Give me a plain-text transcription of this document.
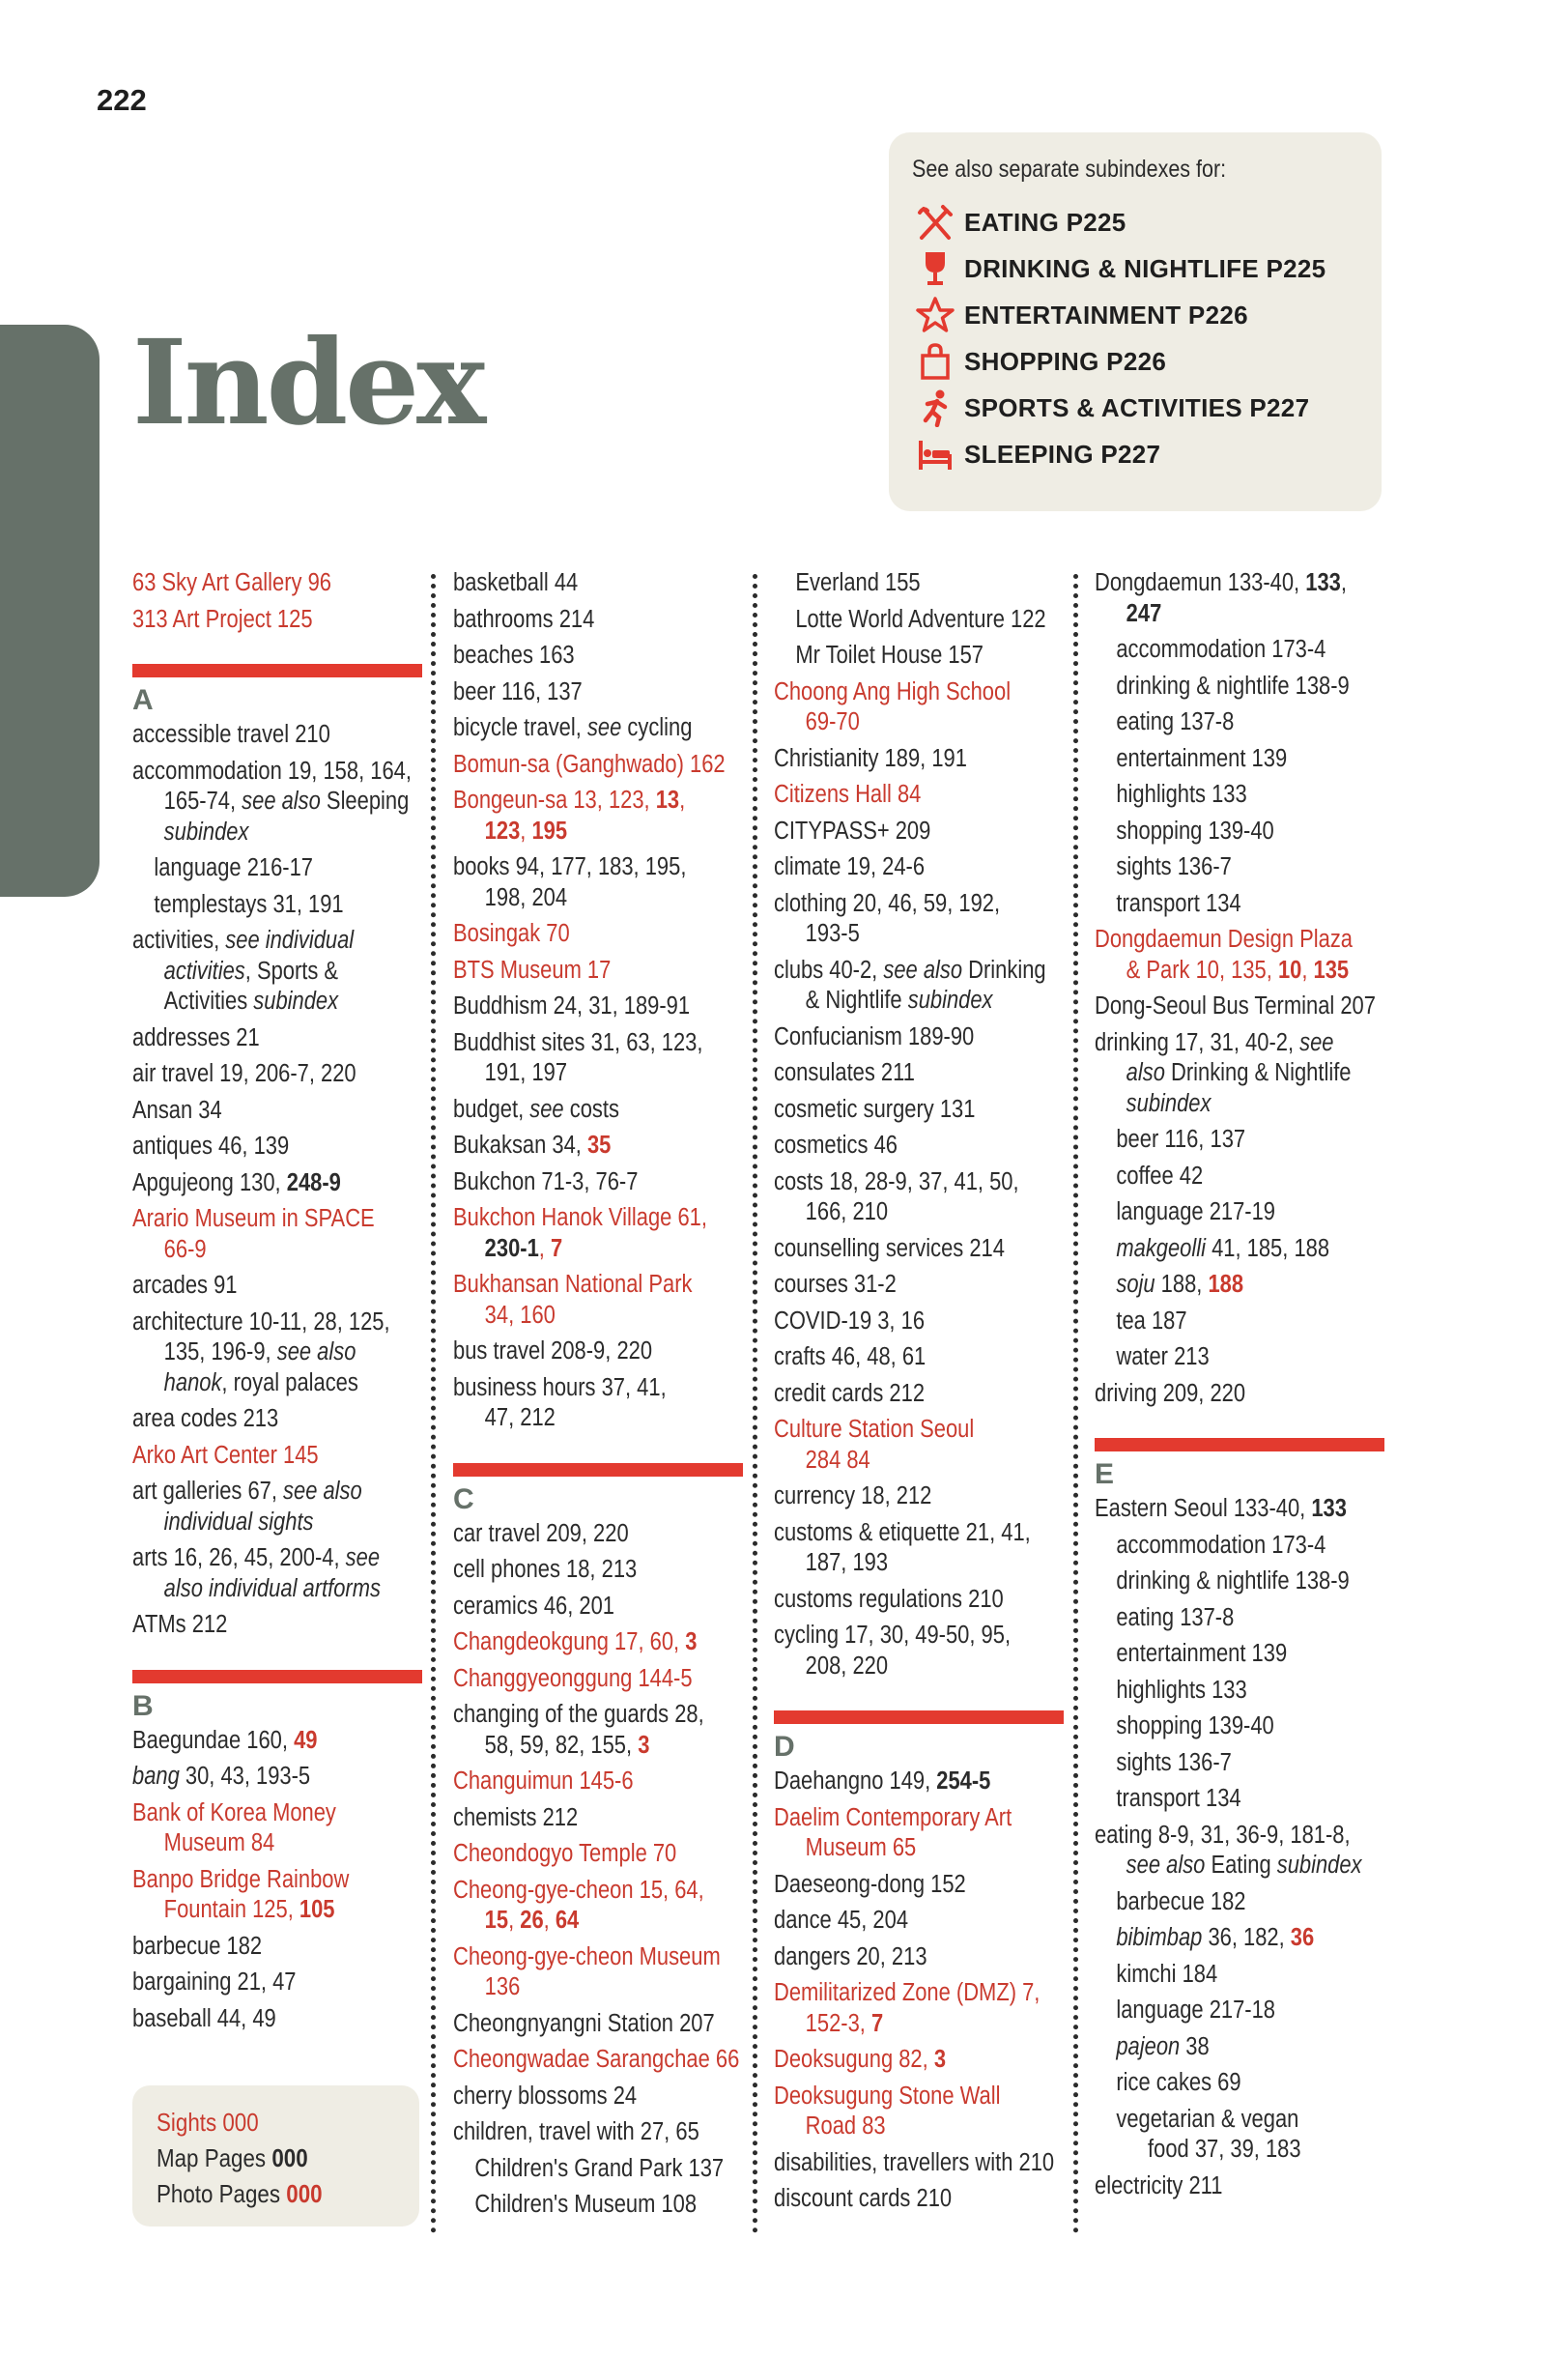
222
Index
See also separate subindexes for:
EATING P225
DRINKING & NIGHTLIFE P225
ENTERTAINMENT P226
SHOPPING P226
SPORTS & ACTIVITIES P227
SLEEPING P227
63 Sky Art Gallery 96
313 Art Project 125
A
accessible travel 210
accommodation 19, 158, 164,
165-74, see also Sleeping
subindex
language 216-17
templestays 31, 191
activities, see individual
activities, Sports &
Activities subindex
addresses 21
air travel 19, 206-7, 220
Ansan 34
antiques 46, 139
Apgujeong 130, 248-9
Arario Museum in SPACE
66-9
arcades 91
architecture 10-11, 28, 125,
135, 196-9, see also
hanok, royal palaces
area codes 213
Arko Art Center 145
art galleries 67, see also
individual sights
arts 16, 26, 45, 200-4, see
also individual artforms
ATMs 212
B
Baegundae 160, 49
bang 30, 43, 193-5
Bank of Korea Money
Museum 84
Banpo Bridge Rainbow
Fountain 125, 105
barbecue 182
bargaining 21, 47
baseball 44, 49
basketball 44
bathrooms 214
beaches 163
beer 116, 137
bicycle travel, see cycling
Bomun-sa (Ganghwado) 162
Bongeun-sa 13, 123, 13,
123, 195
books 94, 177, 183, 195,
198, 204
Bosingak 70
BTS Museum 17
Buddhism 24, 31, 189-91
Buddhist sites 31, 63, 123,
191, 197
budget, see costs
Bukaksan 34, 35
Bukchon 71-3, 76-7
Bukchon Hanok Village 61,
230-1, 7
Bukhansan National Park
34, 160
bus travel 208-9, 220
business hours 37, 41,
47, 212
C
car travel 209, 220
cell phones 18, 213
ceramics 46, 201
Changdeokgung 17, 60, 3
Changgyeonggung 144-5
changing of the guards 28,
58, 59, 82, 155, 3
Changuimun 145-6
chemists 212
Cheondogyo Temple 70
Cheong-gye-cheon 15, 64,
15, 26, 64
Cheong-gye-cheon Museum
136
Cheongnyangni Station 207
Cheongwadae Sarangchae 66
cherry blossoms 24
children, travel with 27, 65
Children's Grand Park 137
Children's Museum 108
Everland 155
Lotte World Adventure 122
Mr Toilet House 157
Choong Ang High School
69-70
Christianity 189, 191
Citizens Hall 84
CITYPASS+ 209
climate 19, 24-6
clothing 20, 46, 59, 192,
193-5
clubs 40-2, see also Drinking
& Nightlife subindex
Confucianism 189-90
consulates 211
cosmetic surgery 131
cosmetics 46
costs 18, 28-9, 37, 41, 50,
166, 210
counselling services 214
courses 31-2
COVID-19 3, 16
crafts 46, 48, 61
credit cards 212
Culture Station Seoul
284 84
currency 18, 212
customs & etiquette 21, 41,
187, 193
customs regulations 210
cycling 17, 30, 49-50, 95,
208, 220
D
Daehangno 149, 254-5
Daelim Contemporary Art
Museum 65
Daeseong-dong 152
dance 45, 204
dangers 20, 213
Demilitarized Zone (DMZ) 7,
152-3, 7
Deoksugung 82, 3
Deoksugung Stone Wall
Road 83
disabilities, travellers with 210
discount cards 210
Dongdaemun 133-40, 133,
247
accommodation 173-4
drinking & nightlife 138-9
eating 137-8
entertainment 139
highlights 133
shopping 139-40
sights 136-7
transport 134
Dongdaemun Design Plaza
& Park 10, 135, 10, 135
Dong-Seoul Bus Terminal 207
drinking 17, 31, 40-2, see
also Drinking & Nightlife
subindex
beer 116, 137
coffee 42
language 217-19
makgeolli 41, 185, 188
soju 188, 188
tea 187
water 213
driving 209, 220
E
Eastern Seoul 133-40, 133
accommodation 173-4
drinking & nightlife 138-9
eating 137-8
entertainment 139
highlights 133
shopping 139-40
sights 136-7
transport 134
eating 8-9, 31, 36-9, 181-8,
see also Eating subindex
barbecue 182
bibimbap 36, 182, 36
kimchi 184
language 217-18
pajeon 38
rice cakes 69
vegetarian & vegan
food 37, 39, 183
electricity 211
Sights 000
Map Pages 000
Photo Pages 000
